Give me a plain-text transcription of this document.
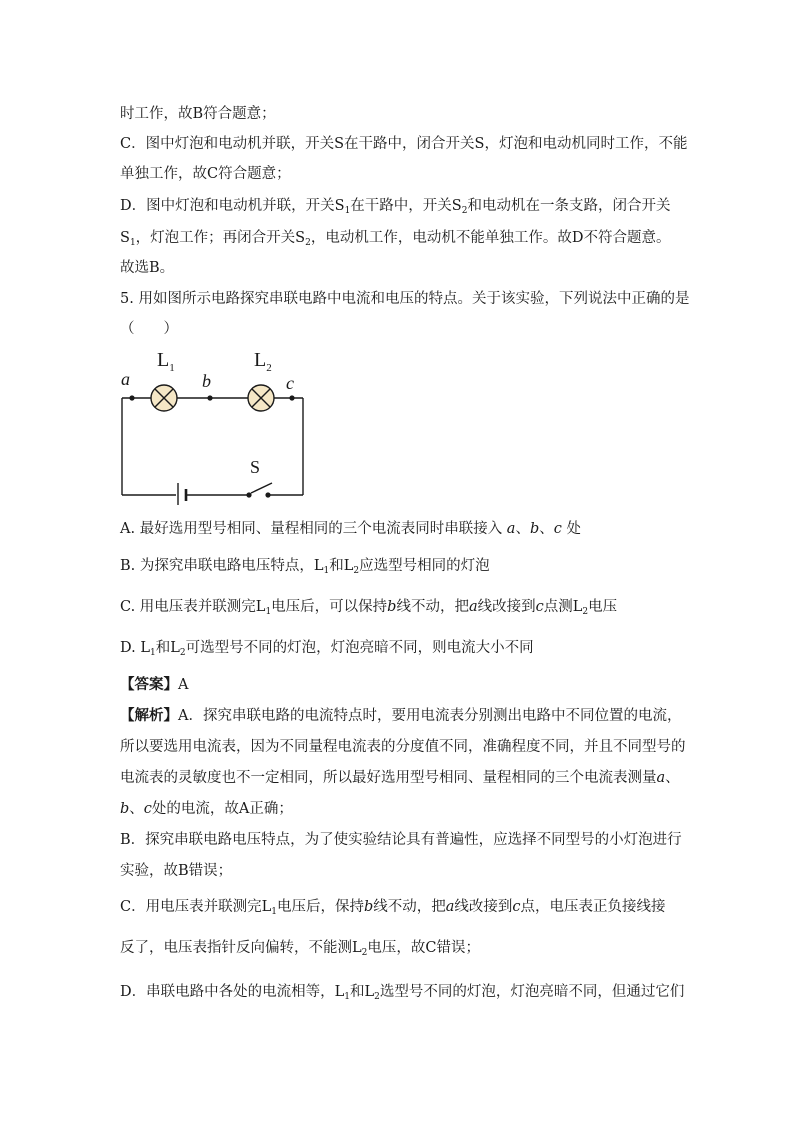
时工作，故B符合题意；
C．图中灯泡和电动机并联，开关S在干路中，闭合开关S，灯泡和电动机同时工作，不能
单独工作，故C符合题意；
D．图中灯泡和电动机并联，开关$S_1$在干路中，开关$S_2$和电动机在一条支路，闭合开关
$S_1$，灯泡工作；再闭合开关$S_2$，电动机工作，电动机不能单独工作。故D不符合题意。
故选B。
5. 用如图所示电路探究串联电路中电流和电压的特点。关于该实验，下列说法中正确的是
（　　）
$L_1$	$L_2$
a	b	c
S
A. 最好选用型号相同、量程相同的三个电流表同时串联接入 a、b、c 处
B. 为探究串联电路电压特点，$L_1$和$L_2$应选型号相同的灯泡
C. 用电压表并联测完$L_1$电压后，可以保持b线不动，把a线改接到c点测$L_2$电压
D. $L_1$和$L_2$可选型号不同的灯泡，灯泡亮暗不同，则电流大小不同
【答案】A
【解析】A．探究串联电路的电流特点时，要用电流表分别测出电路中不同位置的电流，
所以要选用电流表，因为不同量程电流表的分度值不同，准确程度不同，并且不同型号的
电流表的灵敏度也不一定相同，所以最好选用型号相同、量程相同的三个电流表测量a、
b、c处的电流，故A正确；
B．探究串联电路电压特点，为了使实验结论具有普遍性，应选择不同型号的小灯泡进行
实验，故B错误；
C．用电压表并联测完$L_1$电压后，保持b线不动，把a线改接到c点，电压表正负接线接
反了，电压表指针反向偏转，不能测$L_2$电压，故C错误；
D．串联电路中各处的电流相等，$L_1$和$L_2$选型号不同的灯泡，灯泡亮暗不同，但通过它们
